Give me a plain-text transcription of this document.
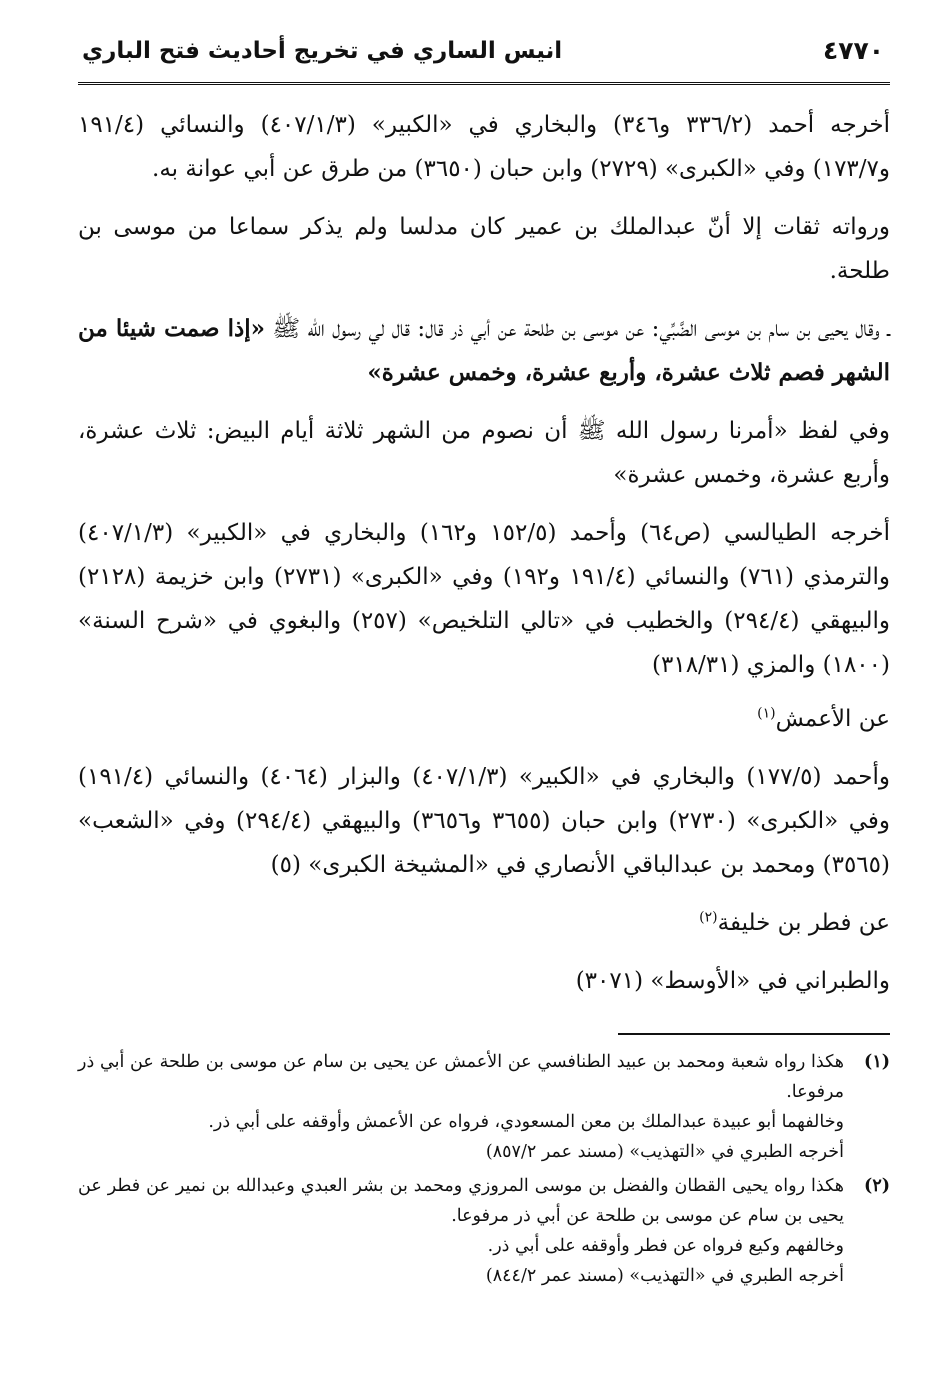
٤٧٧٠
انيس الساري في تخريج أحاديث فتح الباري

أخرجه أحمد (٣٣٦/٢ و٣٤٦) والبخاري في «الكبير» (٤٠٧/١/٣) والنسائي (١٩١/٤ و١٧٣/٧) وفي «الكبرى» (٢٧٢٩) وابن حبان (٣٦٥٠) من طرق عن أبي عوانة به.

ورواته ثقات إلا أنّ عبدالملك بن عمير كان مدلسا ولم يذكر سماعا من موسى بن طلحة.

ـ وقال يحيى بن سام بن موسى الضَّبِّي: عن موسى بن طلحة عن أبي ذر قال: قال لي رسول الله ﷺ «إذا صمت شيئا من الشهر فصم ثلاث عشرة، وأربع عشرة، وخمس عشرة»

وفي لفظ «أمرنا رسول الله ﷺ أن نصوم من الشهر ثلاثة أيام البيض: ثلاث عشرة، وأربع عشرة، وخمس عشرة»

أخرجه الطيالسي (ص٦٤) وأحمد (١٥٢/٥ و١٦٢) والبخاري في «الكبير» (٤٠٧/١/٣) والترمذي (٧٦١) والنسائي (١٩١/٤ و١٩٢) وفي «الكبرى» (٢٧٣١) وابن خزيمة (٢١٢٨) والبيهقي (٢٩٤/٤) والخطيب في «تالي التلخيص» (٢٥٧) والبغوي في «شرح السنة» (١٨٠٠) والمزي (٣١٨/٣١)

عن الأعمش$^{(١)}$

وأحمد (١٧٧/٥) والبخاري في «الكبير» (٤٠٧/١/٣) والبزار (٤٠٦٤) والنسائي (١٩١/٤) وفي «الكبرى» (٢٧٣٠) وابن حبان (٣٦٥٥ و٣٦٥٦) والبيهقي (٢٩٤/٤) وفي «الشعب» (٣٥٦٥) ومحمد بن عبدالباقي الأنصاري في «المشيخة الكبرى» (٥)

عن فطر بن خليفة$^{(٢)}$

والطبراني في «الأوسط» (٣٠٧١)

(١)
هكذا رواه شعبة ومحمد بن عبيد الطنافسي عن الأعمش عن يحيى بن سام عن موسى بن طلحة عن أبي ذر مرفوعا.
وخالفهما أبو عبيدة عبدالملك بن معن المسعودي، فرواه عن الأعمش وأوقفه على أبي ذر.
أخرجه الطبري في «التهذيب» (مسند عمر ٨٥٧/٢)
(٢)
هكذا رواه يحيى القطان والفضل بن موسى المروزي ومحمد بن بشر العبدي وعبدالله بن نمير عن فطر عن يحيى بن سام عن موسى بن طلحة عن أبي ذر مرفوعا.
وخالفهم وكيع فرواه عن فطر وأوقفه على أبي ذر.
أخرجه الطبري في «التهذيب» (مسند عمر ٨٤٤/٢)
